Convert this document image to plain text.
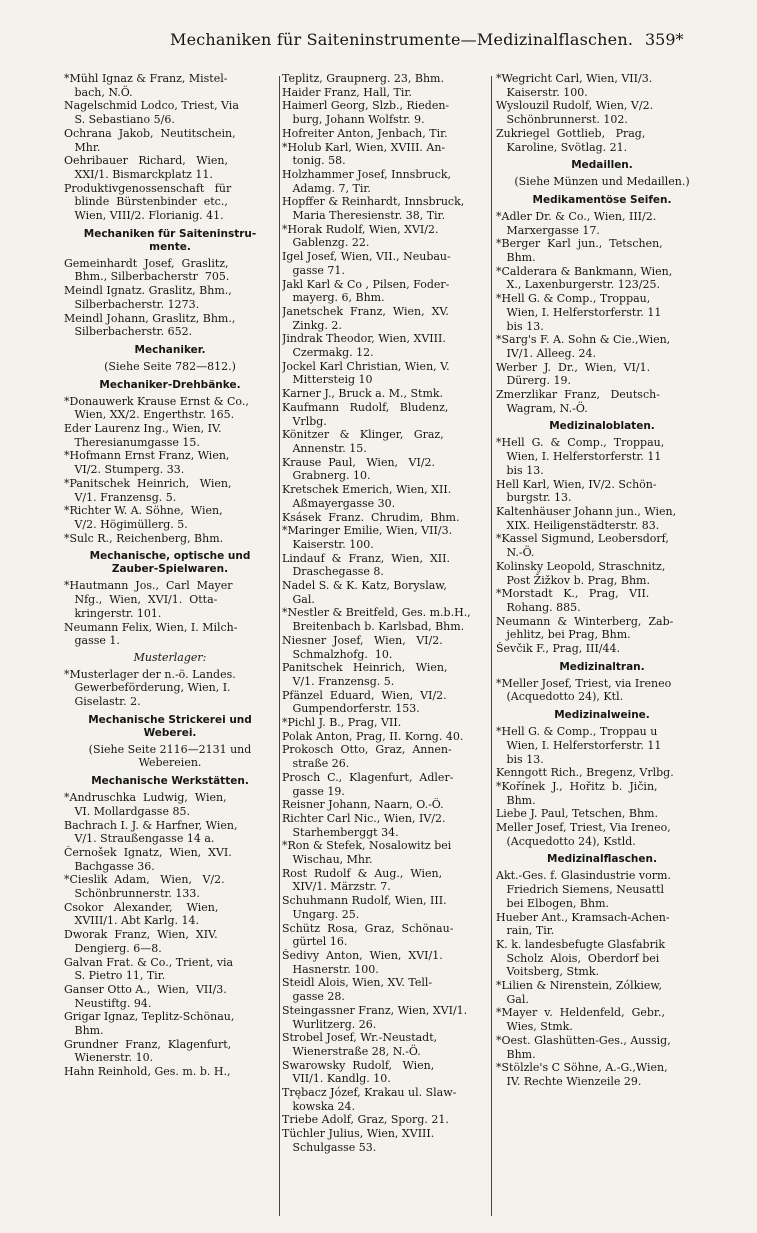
Mechaniken für Saiteninstrumente—Medizinalflaschen. 359*
*Mühl Ignaz & Franz, Mistel-
bach, N.Ö.
Nagelschmid Lodco, Triest, Via
S. Sebastiano 5/6.
Ochrana  Jakob,  Neutitschein,
Mhr.
Oehribauer   Richard,   Wien,
XXI/1. Bismarckplatz 11.
Produktivgenossenschaft   für
blinde  Bürstenbinder  etc.,
Wien, VIII/2. Florianig. 41.
Mechaniken für Saiteninstru-
mente.
Gemeinhardt  Josef,  Graslitz,
Bhm., Silberbacherstr  705.
Meindl Ignatz. Graslitz, Bhm.,
Silberbacherstr. 1273.
Meindl Johann, Graslitz, Bhm.,
Silberbacherstr. 652.
Mechaniker.
(Siehe Seite 782—812.)
Mechaniker-Drehbänke.
*Donauwerk Krause Ernst & Co.,
Wien, XX/2. Engerthstr. 165.
Eder Laurenz Ing., Wien, IV.
Theresianumgasse 15.
*Hofmann Ernst Franz, Wien,
VI/2. Stumperg. 33.
*Panitschek  Heinrich,   Wien,
V/1. Franzensg. 5.
*Richter W. A. Söhne,  Wien,
V/2. Högimüllerg. 5.
*Sulc R., Reichenberg, Bhm.
Mechanische, optische und
Zauber-Spielwaren.
*Hautmann  Jos.,  Carl  Mayer
Nfg.,  Wien,  XVI/1.  Otta-
kringerstr. 101.
Neumann Felix, Wien, I. Milch-
gasse 1.
Musterlager:
*Musterlager der n.-ö. Landes.
Gewerbeförderung, Wien, I.
Giselastr. 2.
Mechanische Strickerei und
Weberei.
(Siehe Seite 2116—2131 und
Webereien.
Mechanische Werkstätten.
*Andruschka  Ludwig,  Wien,
VI. Mollardgasse 85.
Bachrach I. J. & Harfner, Wien,
V/1. Straußengasse 14 a.
Černošek  Ignatz,  Wien,  XVI.
Bachgasse 36.
*Cieslik  Adam,   Wien,   V/2.
Schönbrunnerstr. 133.
Csokor   Alexander,    Wien,
XVIII/1. Abt Karlg. 14.
Dworak  Franz,  Wien,  XIV.
Dengierg. 6—8.
Galvan Frat. & Co., Trient, via
S. Pietro 11, Tir.
Ganser Otto A.,  Wien,  VII/3.
Neustiftg. 94.
Grigar Ignaz, Teplitz-Schönau,
Bhm.
Grundner  Franz,  Klagenfurt,
Wienerstr. 10.
Hahn Reinhold, Ges. m. b. H.,
Teplitz, Graupnerg. 23, Bhm.
Haider Franz, Hall, Tir.
Haimerl Georg, Slzb., Rieden-
burg, Johann Wolfstr. 9.
Hofreiter Anton, Jenbach, Tir.
*Holub Karl, Wien, XVIII. An-
tonig. 58.
Holzhammer Josef, Innsbruck,
Adamg. 7, Tir.
Hopffer & Reinhardt, Innsbruck,
Maria Theresienstr. 38, Tir.
*Horak Rudolf, Wien, XVI/2.
Gablenzg. 22.
Igel Josef, Wien, VII., Neubau-
gasse 71.
Jakl Karl & Co , Pilsen, Foder-
mayerg. 6, Bhm.
Janetschek  Franz,  Wien,  XV.
Zinkg. 2.
Jindrak Theodor, Wien, XVIII.
Czermakg. 12.
Jockel Karl Christian, Wien, V.
Mittersteig 10
Karner J., Bruck a. M., Stmk.
Kaufmann   Rudolf,   Bludenz,
Vrlbg.
Könitzer   &   Klinger,   Graz,
Annenstr. 15.
Krause  Paul,   Wien,   VI/2.
Grabnerg. 10.
Kretschek Emerich, Wien, XII.
Aßmayergasse 30.
Ksásek  Franz.  Chrudim,  Bhm.
*Maringer Emilie, Wien, VII/3.
Kaiserstr. 100.
Lindauf  &  Franz,  Wien,  XII.
Draschegasse 8.
Nadel S. & K. Katz, Boryslaw,
Gal.
*Nestler & Breitfeld, Ges. m.b.H.,
Breitenbach b. Karlsbad, Bhm.
Niesner  Josef,   Wien,   VI/2.
Schmalzhofg.  10.
Panitschek   Heinrich,   Wien,
V/1. Franzensg. 5.
Pfänzel  Eduard,  Wien,  VI/2.
Gumpendorferstr. 153.
*Pichl J. B., Prag, VII.
Polak Anton, Prag, II. Korng. 40.
Prokosch  Otto,  Graz,  Annen-
straße 26.
Prosch  C.,  Klagenfurt,  Adler-
gasse 19.
Reisner Johann, Naarn, O.-Ö.
Richter Carl Nic., Wien, IV/2.
Starhemberggt 34.
*Ron & Stefek, Nosalowitz bei
Wischau, Mhr.
Rost  Rudolf  &  Aug.,  Wien,
XIV/1. Märzstr. 7.
Schuhmann Rudolf, Wien, III.
Ungarg. 25.
Schütz  Rosa,  Graz,  Schönau-
gürtel 16.
Šedivy  Anton,  Wien,  XVI/1.
Hasnerstr. 100.
Steidl Alois, Wien, XV. Tell-
gasse 28.
Steingassner Franz, Wien, XVI/1.
Wurlitzerg. 26.
Strobel Josef, Wr.-Neustadt,
Wienerstraße 28, N.-Ö.
Swarowsky  Rudolf,   Wien,
VII/1. Kandlg. 10.
Trębacz Józef, Krakau ul. Slaw-
kowska 24.
Triebe Adolf, Graz, Sporg. 21.
Tüchler Julius, Wien, XVIII.
Schulgasse 53.
*Wegricht Carl, Wien, VII/3.
Kaiserstr. 100.
Wyslouzil Rudolf, Wien, V/2.
Schönbrunnerst. 102.
Zukriegel  Gottlieb,   Prag,
Karoline, Svötlag. 21.
Medaillen.
(Siehe Münzen und Medaillen.)
Medikamentöse Seifen.
*Adler Dr. & Co., Wien, III/2.
Marxergasse 17.
*Berger  Karl  jun.,  Tetschen,
Bhm.
*Calderara & Bankmann, Wien,
X., Laxenburgerstr. 123/25.
*Hell G. & Comp., Troppau,
Wien, I. Helferstorferstr. 11
bis 13.
*Sarg's F. A. Sohn & Cie.,Wien,
IV/1. Alleeg. 24.
Werber  J.  Dr.,  Wien,  VI/1.
Dürerg. 19.
Zmerzlikar  Franz,   Deutsch-
Wagram, N.-Ö.
Medizinaloblaten.
*Hell  G.  &  Comp.,  Troppau,
Wien, I. Helferstorferstr. 11
bis 13.
Hell Karl, Wien, IV/2. Schön-
burgstr. 13.
Kaltenhäuser Johann jun., Wien,
XIX. Heiligenstädterstr. 83.
*Kassel Sigmund, Leobersdorf,
N.-Ö.
Kolinsky Leopold, Straschnitz,
Post Žižkov b. Prag, Bhm.
*Morstadt   K.,   Prag,   VII.
Rohang. 885.
Neumann  &  Winterberg,  Zab-
jehlitz, bei Prag, Bhm.
Ševčik F., Prag, III/44.
Medizinaltran.
*Meller Josef, Triest, via Ireneo
(Acquedotto 24), Ktl.
Medizinalweine.
*Hell G. & Comp., Troppau u
Wien, I. Helferstorferstr. 11
bis 13.
Kenngott Rich., Bregenz, Vrlbg.
*Kořínek  J.,  Hořitz  b.  Jičin,
Bhm.
Liebe J. Paul, Tetschen, Bhm.
Meller Josef, Triest, Via Ireneo,
(Acquedotto 24), Kstld.
Medizinalflaschen.
Akt.-Ges. f. Glasindustrie vorm.
Friedrich Siemens, Neusattl
bei Elbogen, Bhm.
Hueber Ant., Kramsach-Achen-
rain, Tir.
K. k. landesbefugte Glasfabrik
Scholz  Alois,  Oberdorf bei
Voitsberg, Stmk.
*Lilien & Nirenstein, Zólkiew,
Gal.
*Mayer  v.  Heldenfeld,  Gebr.,
Wies, Stmk.
*Oest. Glashütten-Ges., Aussig,
Bhm.
*Stölzle's C Söhne, A.-G.,Wien,
IV. Rechte Wienzeile 29.
